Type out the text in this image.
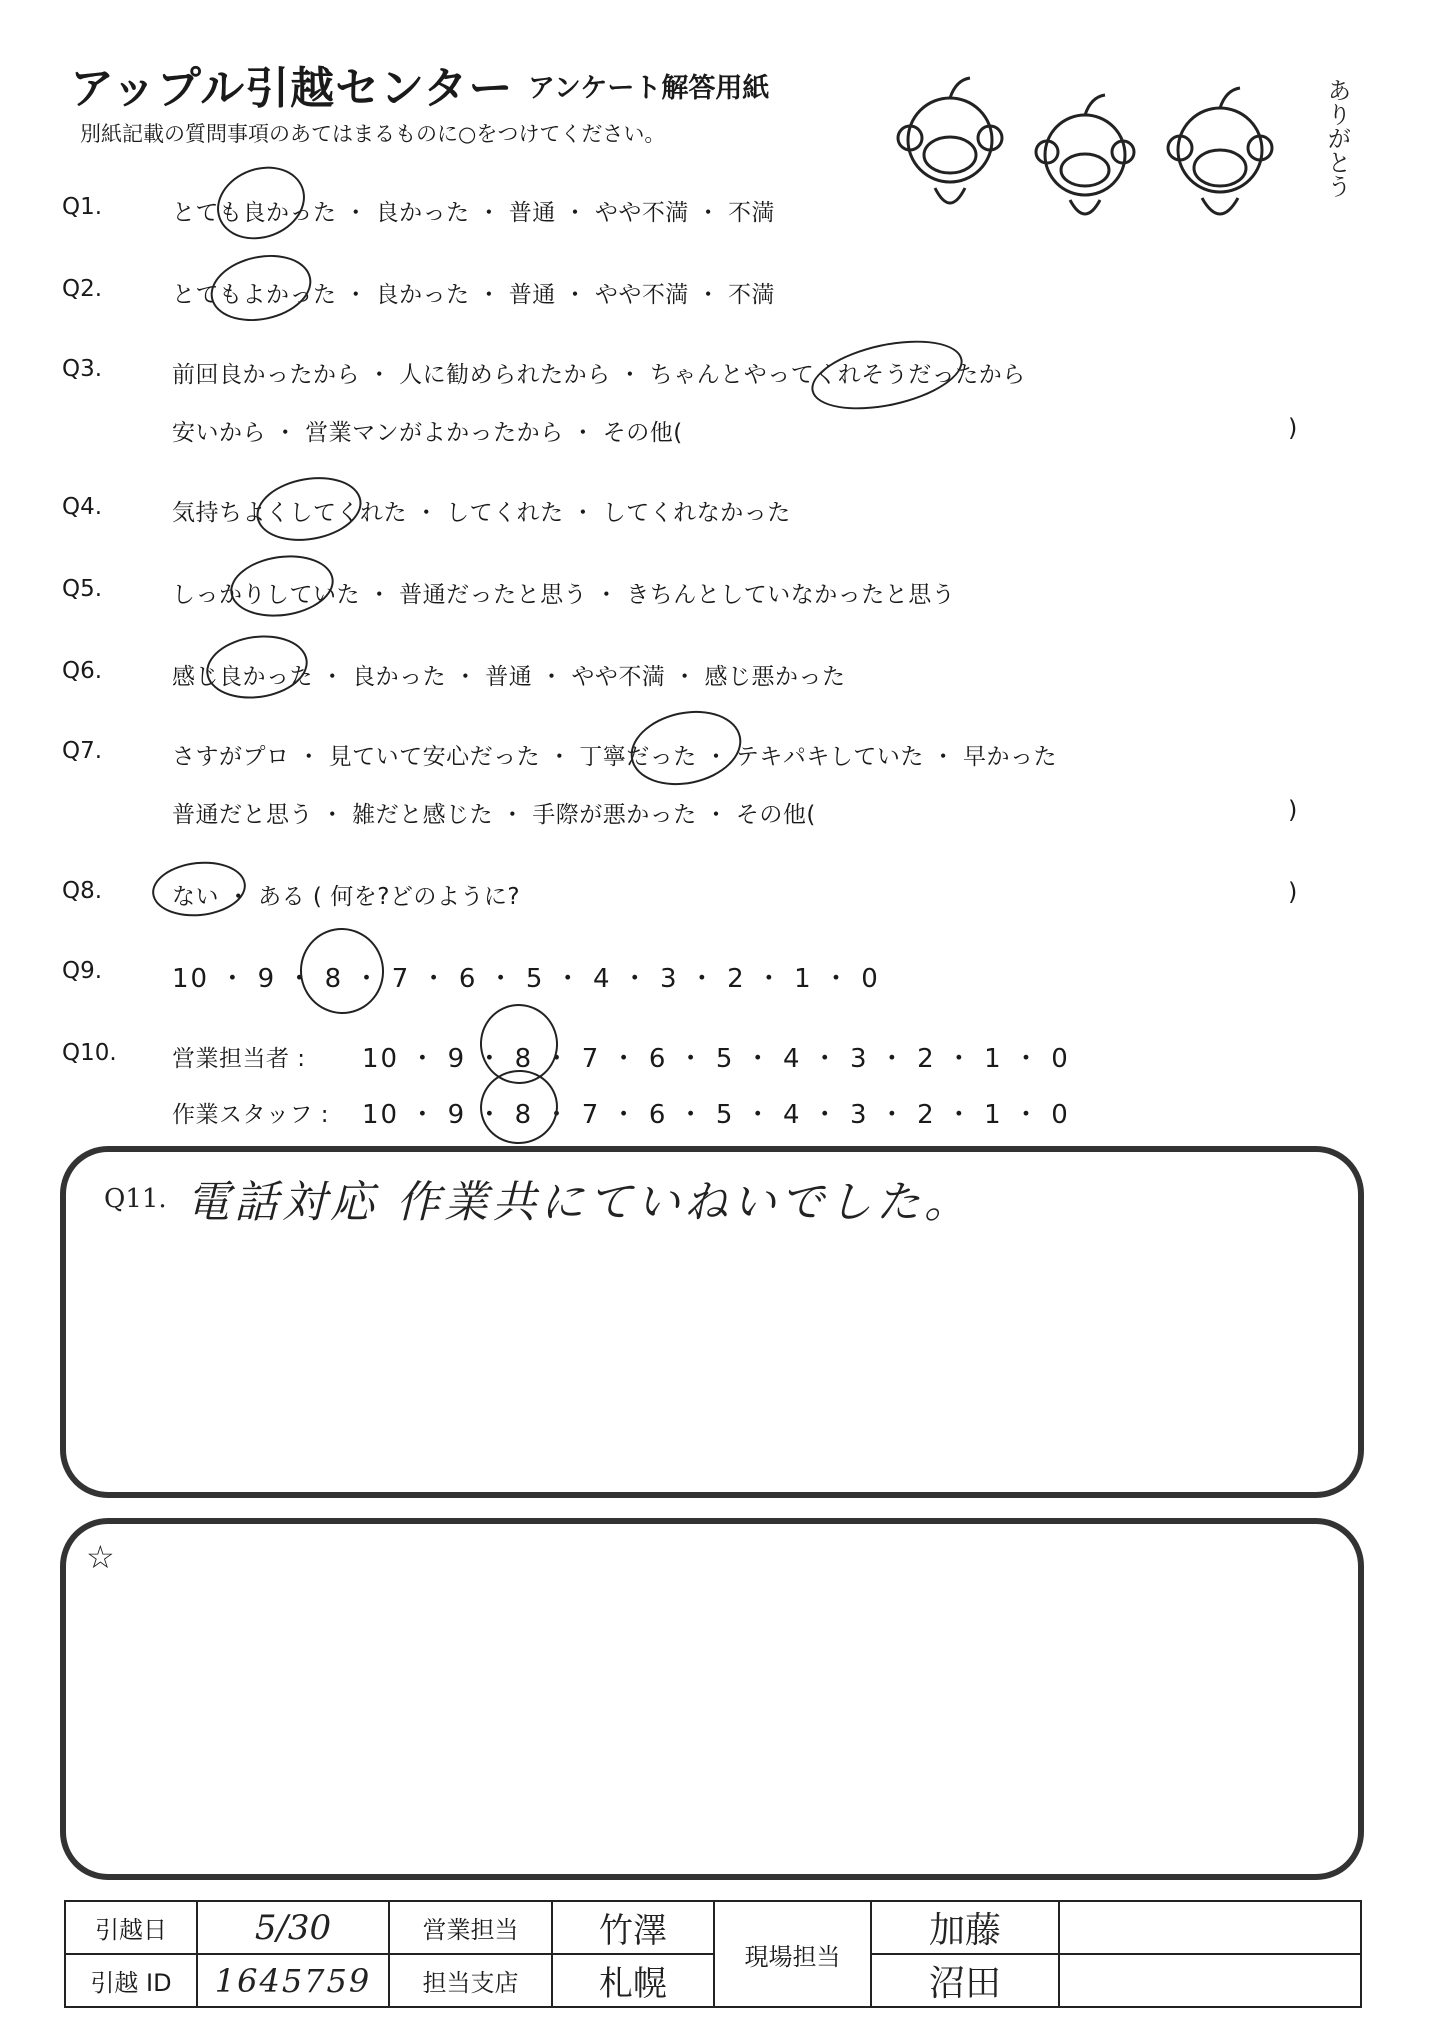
アップル引越センター アンケート解答用紙
別紙記載の質問事項のあてはまるものに○をつけてください。	ありがとう
Q1.	とても良かった ・ 良かった ・ 普通 ・ やや不満 ・ 不満
Q2.	とてもよかった ・ 良かった ・ 普通 ・ やや不満 ・ 不満
Q3.	前回良かったから ・ 人に勧められたから ・ ちゃんとやってくれそうだったから
安いから ・ 営業マンがよかったから ・ その他(	)
Q4.	気持ちよくしてくれた ・ してくれた ・ してくれなかった
Q5.	しっかりしていた ・ 普通だったと思う ・ きちんとしていなかったと思う
Q6.	感じ良かった ・ 良かった ・ 普通 ・ やや不満 ・ 感じ悪かった
Q7.	さすがプロ ・ 見ていて安心だった ・ 丁寧だった ・ テキパキしていた ・ 早かった
普通だと思う ・ 雑だと感じた ・ 手際が悪かった ・ その他(	)
Q8.	ない ・ ある ( 何を?どのように?	)
Q9.	10 ・ 9 ・ 8 ・ 7 ・ 6 ・ 5 ・ 4 ・ 3 ・ 2 ・ 1 ・ 0
Q10. 営業担当者 : 10 ・ 9 ・ 8 ・ 7 ・ 6 ・ 5 ・ 4 ・ 3 ・ 2 ・ 1 ・ 0
作業スタッフ : 10 ・ 9 ・ 8 ・ 7 ・ 6 ・ 5 ・ 4 ・ 3 ・ 2 ・ 1 ・ 0
Q11. 電話対応 作業共にていねいでした。
☆
引越日	5/30	営業担当	竹澤	現場担当	加藤	
引越 ID	1645759	担当支店	札幌		沼田	
